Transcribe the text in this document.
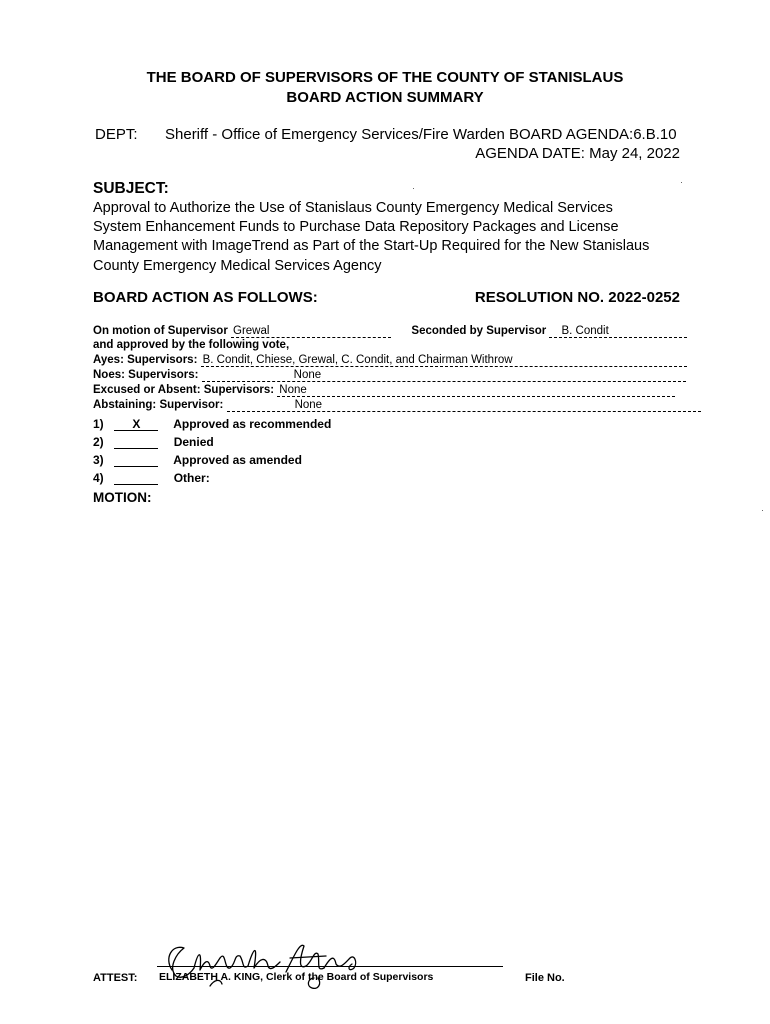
THE BOARD OF SUPERVISORS OF THE COUNTY OF STANISLAUS
BOARD ACTION SUMMARY
DEPT: Sheriff - Office of Emergency Services/Fire Warden BOARD AGENDA:6.B.10
AGENDA DATE: May 24, 2022
SUBJECT:
Approval to Authorize the Use of Stanislaus County Emergency Medical Services
System Enhancement Funds to Purchase Data Repository Packages and License
Management with ImageTrend as Part of the Start-Up Required for the New Stanislaus
County Emergency Medical Services Agency
BOARD ACTION AS FOLLOWS:	RESOLUTION NO. 2022-0252
On motion of Supervisor Grewal	Seconded by Supervisor B. Condit
and approved by the following vote,
Ayes: Supervisors: B. Condit, Chiese, Grewal, C. Condit, and Chairman Withrow
Noes: Supervisors:	None
Excused or Absent: Supervisors: None
Abstaining: Supervisor:	None
1) X	Approved as recommended
2)	Denied
3)	Approved as amended
4)	Other:
MOTION:
ATTEST: ELIZABETH A. KING, Clerk of the Board of Supervisors	File No.
